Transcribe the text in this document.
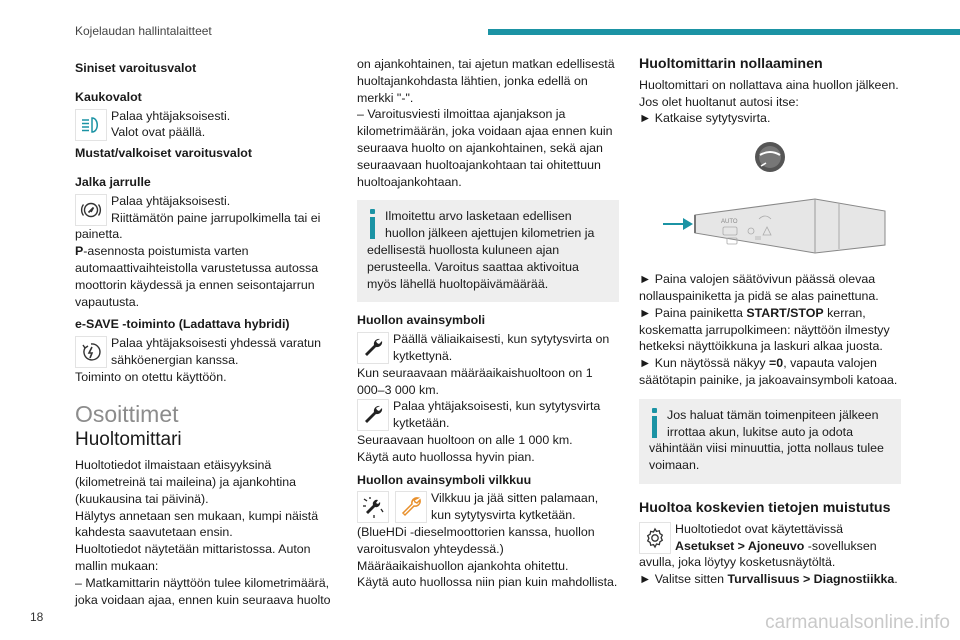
Kojelaudan hallintalaitteet
Siniset varoitusvalot
Kaukovalot

Palaa yhtäjaksoisesti.

Valot ovat päällä.

Mustat/valkoiset varoitusvalot
Jalka jarrulle

Palaa yhtäjaksoisesti.

Riittämätön paine jarrupolkimella tai ei painetta.

P-asennosta poistumista varten automaattivaihteistolla varustetussa autossa moottorin käydessä ja ennen seisontajarrun vapautusta.

e-SAVE -toiminto (Ladattava hybridi)

Palaa yhtäjaksoisesti yhdessä varatun sähköenergian kanssa.

Toiminto on otettu käyttöön.

Osoittimet
Huoltomittari

Huoltotiedot ilmaistaan etäisyyksinä (kilometreinä tai maileina) ja ajankohtina (kuukausina tai päivinä).

Hälytys annetaan sen mukaan, kumpi näistä kahdesta saavutetaan ensin.

Huoltotiedot näytetään mittaristossa. Auton mallin mukaan:

– Matkamittarin näyttöön tulee kilometrimäärä, joka voidaan ajaa, ennen kuin seuraava huolto

on ajankohtainen, tai ajetun matkan edellisestä huoltajankohdasta lähtien, jonka edellä on merkki "-".

– Varoitusviesti ilmoittaa ajanjakson ja kilometrimäärän, joka voidaan ajaa ennen kuin seuraava huolto on ajankohtainen, sekä ajan seuraavaan huoltoajankohtaan tai ohitettuun huoltoajankohtaan.

Ilmoitettu arvo lasketaan edellisen huollon jälkeen ajettujen kilometrien ja edellisestä huollosta kuluneen ajan perusteella. Varoitus saattaa aktivoitua myös lähellä huoltopäivämäärää.

Huollon avainsymboli

Päällä väliaikaisesti, kun sytytysvirta on kytkettynä.

Kun seuraavaan määräaikaishuoltoon on 1 000–3 000 km.

Palaa yhtäjaksoisesti, kun sytytysvirta kytketään.

Seuraavaan huoltoon on alle 1 000 km.

Käytä auto huollossa hyvin pian.

Huollon avainsymboli vilkkuu

Vilkkuu ja jää sitten palamaan, kun sytytysvirta kytketään.

(BlueHDi -dieselmoottorien kanssa, huollon varoitusvalon yhteydessä.)

Määräaikaishuollon ajankohta ohitettu.

Käytä auto huollossa niin pian kuin mahdollista.

Huoltomittarin nollaaminen

Huoltomittari on nollattava aina huollon jälkeen.

Jos olet huoltanut autosi itse:

► Katkaise sytytysvirta.

AUTO

► Paina valojen säätövivun päässä olevaa nollauspainiketta ja pidä se alas painettuna.

► Paina painiketta START/STOP kerran, koskematta jarrupolkimeen: näyttöön ilmestyy hetkeksi näyttöikkuna ja laskuri alkaa juosta.

► Kun näytössä näkyy =0, vapauta valojen säätötapin painike, ja jakoavainsymboli katoaa.

Jos haluat tämän toimenpiteen jälkeen irrottaa akun, lukitse auto ja odota vähintään viisi minuuttia, jotta nollaus tulee voimaan.

Huoltoa koskevien tietojen muistutus

Huoltotiedot ovat käytettävissä Asetukset > Ajoneuvo -sovelluksen avulla, joka löytyy kosketusnäytöltä.

► Valitse sitten Turvallisuus > Diagnostiikka.

18	carmanualsonline.info
